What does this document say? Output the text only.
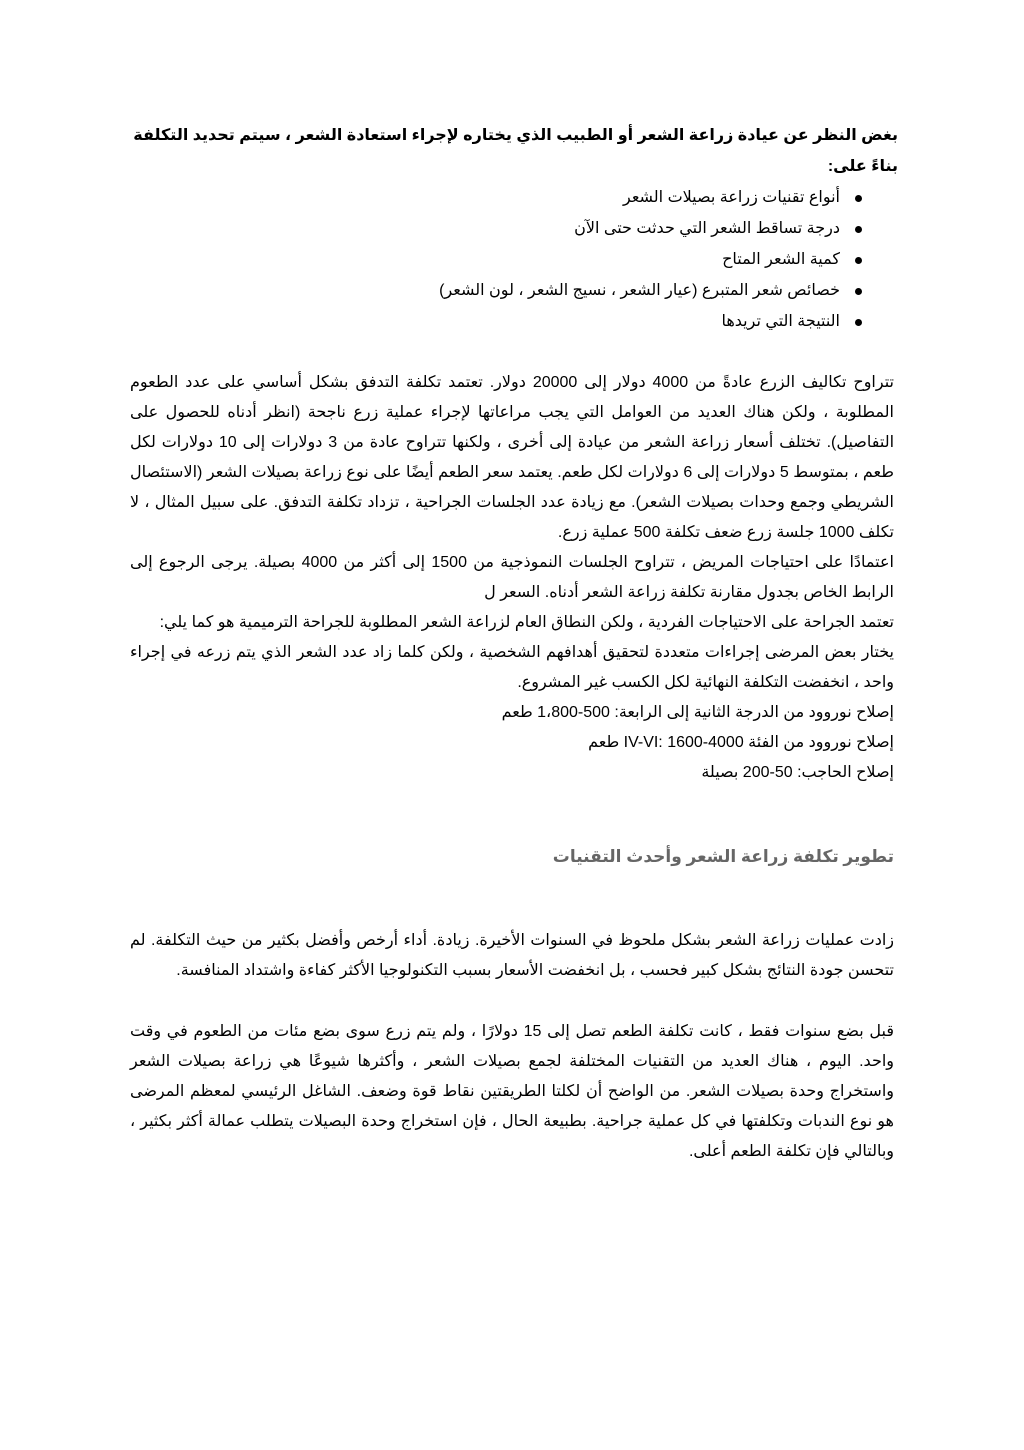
بغض النظر عن عيادة زراعة الشعر أو الطبيب الذي يختاره لإجراء استعادة الشعر ، سيتم تحديد التكلفة بناءً على:

أنواع تقنيات زراعة بصيلات الشعر
درجة تساقط الشعر التي حدثت حتى الآن
كمية الشعر المتاح
خصائص شعر المتبرع (عيار الشعر ، نسيج الشعر ، لون الشعر)
النتيجة التي تريدها

تتراوح تكاليف الزرع عادةً من 4000 دولار إلى 20000 دولار. تعتمد تكلفة التدفق بشكل أساسي على عدد الطعوم المطلوبة ، ولكن هناك العديد من العوامل التي يجب مراعاتها لإجراء عملية زرع ناجحة (انظر أدناه للحصول على التفاصيل). تختلف أسعار زراعة الشعر من عيادة إلى أخرى ، ولكنها تتراوح عادة من 3 دولارات إلى 10 دولارات لكل طعم ، بمتوسط 5 دولارات إلى 6 دولارات لكل طعم. يعتمد سعر الطعم أيضًا على نوع زراعة بصيلات الشعر (الاستئصال الشريطي وجمع وحدات بصيلات الشعر). مع زيادة عدد الجلسات الجراحية ، تزداد تكلفة التدفق. على سبيل المثال ، لا تكلف 1000 جلسة زرع ضعف تكلفة 500 عملية زرع.

اعتمادًا على احتياجات المريض ، تتراوح الجلسات النموذجية من 1500 إلى أكثر من 4000 بصيلة. يرجى الرجوع إلى الرابط الخاص بجدول مقارنة تكلفة زراعة الشعر أدناه. السعر ل

تعتمد الجراحة على الاحتياجات الفردية ، ولكن النطاق العام لزراعة الشعر المطلوبة للجراحة الترميمية هو كما يلي:

يختار بعض المرضى إجراءات متعددة لتحقيق أهدافهم الشخصية ، ولكن كلما زاد عدد الشعر الذي يتم زرعه في إجراء واحد ، انخفضت التكلفة النهائية لكل الكسب غير المشروع.

إصلاح نوروود من الدرجة الثانية إلى الرابعة: 500-1،800 طعم

إصلاح نوروود من الفئة IV-VI: 1600-4000 طعم

إصلاح الحاجب: 50-200 بصيلة

تطوير تكلفة زراعة الشعر وأحدث التقنيات

زادت عمليات زراعة الشعر بشكل ملحوظ في السنوات الأخيرة. زيادة. أداء أرخص وأفضل بكثير من حيث التكلفة. لم تتحسن جودة النتائج بشكل كبير فحسب ، بل انخفضت الأسعار بسبب التكنولوجيا الأكثر كفاءة واشتداد المنافسة.

قبل بضع سنوات فقط ، كانت تكلفة الطعم تصل إلى 15 دولارًا ، ولم يتم زرع سوى بضع مئات من الطعوم في وقت واحد. اليوم ، هناك العديد من التقنيات المختلفة لجمع بصيلات الشعر ، وأكثرها شيوعًا هي زراعة بصيلات الشعر واستخراج وحدة بصيلات الشعر. من الواضح أن لكلتا الطريقتين نقاط قوة وضعف. الشاغل الرئيسي لمعظم المرضى هو نوع الندبات وتكلفتها في كل عملية جراحية. بطبيعة الحال ، فإن استخراج وحدة البصيلات يتطلب عمالة أكثر بكثير ، وبالتالي فإن تكلفة الطعم أعلى.
